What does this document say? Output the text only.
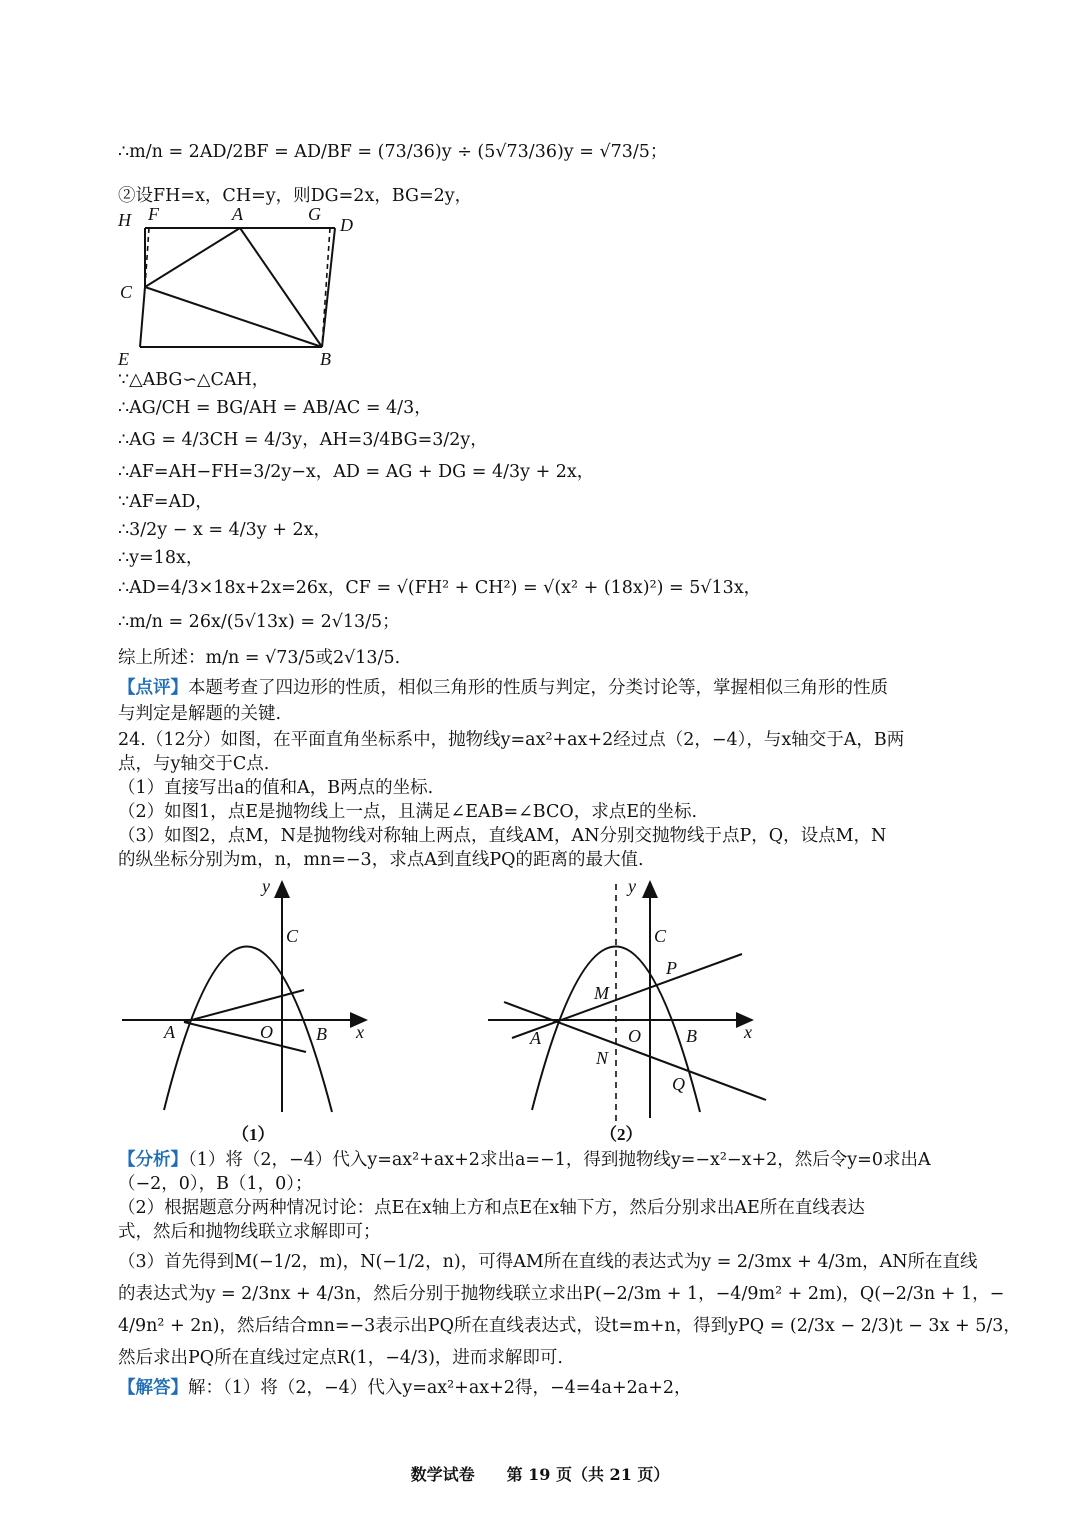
∴m/n = 2AD/2BF = AD/BF = (73/36)y ÷ (5√73/36)y = √73/5；
②设FH=x，CH=y，则DG=2x，BG=2y，
H F	A	G
D
C
E	B
∵△ABG∽△CAH，
∴AG/CH = BG/AH = AB/AC = 4/3，
∴AG = 4/3CH = 4/3y，AH=3/4BG=3/2y，
∴AF=AH−FH=3/2y−x，AD = AG + DG = 4/3y + 2x，
∵AF=AD，
∴3/2y − x = 4/3y + 2x，
∴y=18x，
∴AD=4/3×18x+2x=26x，CF = √(FH² + CH²) = √(x² + (18x)²) = 5√13x，
∴m/n = 26x/(5√13x) = 2√13/5；
综上所述：m/n = √73/5或2√13/5.
【点评】本题考查了四边形的性质，相似三角形的性质与判定，分类讨论等，掌握相似三角形的性质
与判定是解题的关键.
24.（12分）如图，在平面直角坐标系中，抛物线y=ax²+ax+2经过点（2，−4），与x轴交于A，B两
点，与y轴交于C点.
（1）直接写出a的值和A，B两点的坐标.
（2）如图1，点E是抛物线上一点，且满足∠EAB=∠BCO，求点E的坐标.
（3）如图2，点M，N是抛物线对称轴上两点，直线AM，AN分别交抛物线于点P，Q，设点M，N
的纵坐标分别为m，n，mn=−3，求点A到直线PQ的距离的最大值.
y
x
C
A	O B
（1）
y
x
C
P
M
A	O	B
N
Q
（2）
【分析】（1）将（2，−4）代入y=ax²+ax+2求出a=−1，得到抛物线y=−x²−x+2，然后令y=0求出A
（−2，0），B（1，0）；
（2）根据题意分两种情况讨论：点E在x轴上方和点E在x轴下方，然后分别求出AE所在直线表达
式，然后和抛物线联立求解即可；
（3）首先得到M(−1/2，m)，N(−1/2，n)，可得AM所在直线的表达式为y = 2/3mx + 4/3m，AN所在直线
的表达式为y = 2/3nx + 4/3n，然后分别于抛物线联立求出P(−2/3m + 1，−4/9m² + 2m)，Q(−2/3n + 1，−
4/9n² + 2n)，然后结合mn=−3表示出PQ所在直线表达式，设t=m+n，得到yPQ = (2/3x − 2/3)t − 3x + 5/3，
然后求出PQ所在直线过定点R(1，−4/3)，进而求解即可.
【解答】解：（1）将（2，−4）代入y=ax²+ax+2得，−4=4a+2a+2，
数学试卷　　第 19 页（共 21 页）
